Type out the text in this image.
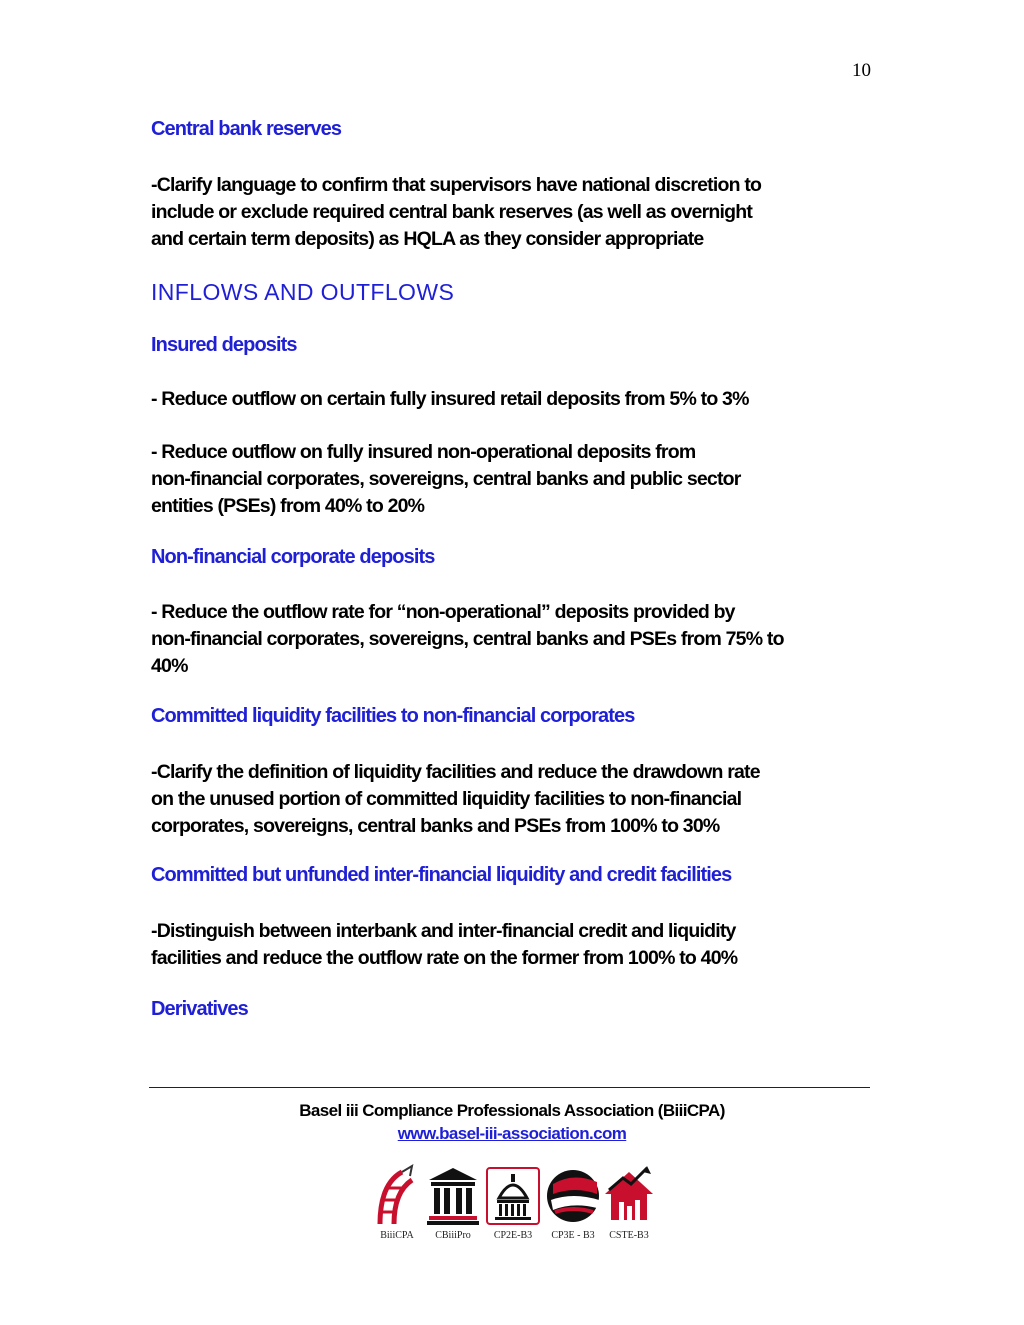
10
Central bank reserves
-Clarify language to confirm that supervisors have national discretion to
include or exclude required central bank reserves (as well as overnight
and certain term deposits) as HQLA as they consider appropriate
INFLOWS AND OUTFLOWS
Insured deposits
- Reduce outflow on certain fully insured retail deposits from 5% to 3%
- Reduce outflow on fully insured non-operational deposits from
non-financial corporates, sovereigns, central banks and public sector
entities (PSEs) from 40% to 20%
Non-financial corporate deposits
- Reduce the outflow rate for “non-operational” deposits provided by
non-financial corporates, sovereigns, central banks and PSEs from 75% to
40%
Committed liquidity facilities to non-financial corporates
-Clarify the definition of liquidity facilities and reduce the drawdown rate
on the unused portion of committed liquidity facilities to non-financial
corporates, sovereigns, central banks and PSEs from 100% to 30%
Committed but unfunded inter-financial liquidity and credit facilities
-Distinguish between interbank and inter-financial credit and liquidity
facilities and reduce the outflow rate on the former from 100% to 40%
Derivatives
Basel iii Compliance Professionals Association (BiiiCPA)
www.basel-iii-association.com
BiiiCPA	CBiiiPro	CP2E-B3	CP3E - B3	CSTE-B3
